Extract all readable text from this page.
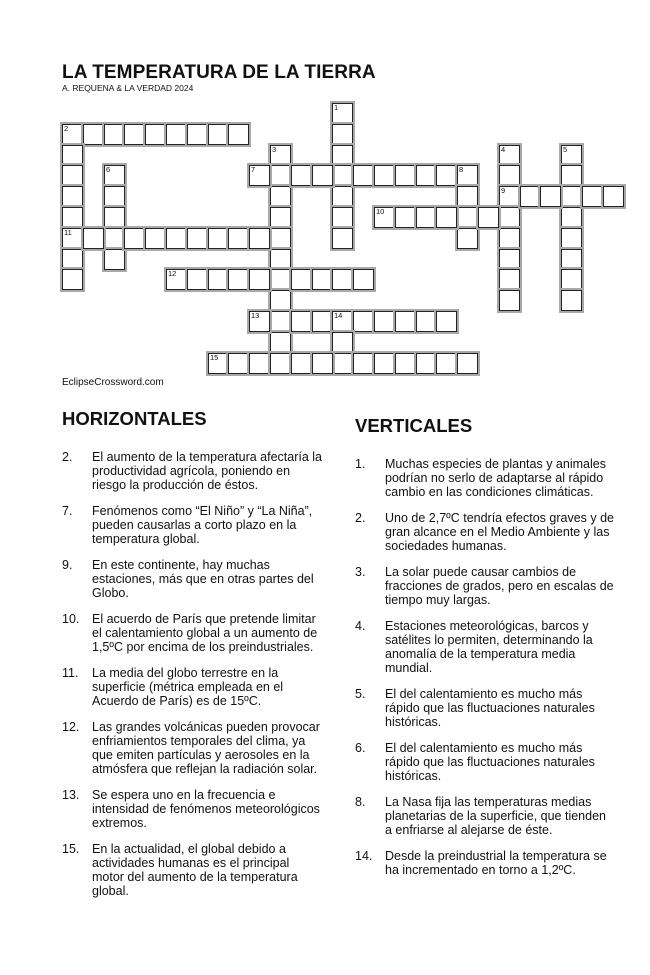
LA TEMPERATURA DE LA TIERRA
A. REQUENA & LA VERDAD 2024
1
2
11
3	4
9
5
6	7	8
10
12
13	14
15
EclipseCrossword.com
HORIZONTALES
2. El aumento de la temperatura afectaría la productividad agrícola, poniendo en riesgo la producción de éstos.
7. Fenómenos como “El Niño” y “La Niña”, pueden causarlas a corto plazo en la temperatura global.
9. En este continente, hay muchas estaciones, más que en otras partes del Globo.
10. El acuerdo de París que pretende limitar el calentamiento global a un aumento de 1,5ºC por encima de los preindustriales.
11. La media del globo terrestre en la superficie (métrica empleada en el Acuerdo de París) es de 15ºC.
12. Las grandes volcánicas pueden provocar enfriamientos temporales del clima, ya que emiten partículas y aerosoles en la atmósfera que reflejan la radiación solar.
13. Se espera uno en la frecuencia e intensidad de fenómenos meteorológicos extremos.
15. En la actualidad, el global debido a actividades humanas es el principal motor del aumento de la temperatura global.
VERTICALES
1. Muchas especies de plantas y animales podrían no serlo de adaptarse al rápido cambio en las condiciones climáticas.
2. Uno de 2,7ºC tendría efectos graves y de gran alcance en el Medio Ambiente y las sociedades humanas.
3. La solar puede causar cambios de fracciones de grados, pero en escalas de tiempo muy largas.
4. Estaciones meteorológicas, barcos y satélites lo permiten, determinando la anomalía de la temperatura media mundial.
5. El del calentamiento es mucho más rápido que las fluctuaciones naturales históricas.
6. El del calentamiento es mucho más rápido que las fluctuaciones naturales históricas.
8. La Nasa fija las temperaturas medias planetarias de la superficie, que tienden a enfriarse al alejarse de éste.
14. Desde la preindustrial la temperatura se ha incrementado en torno a 1,2ºC.
